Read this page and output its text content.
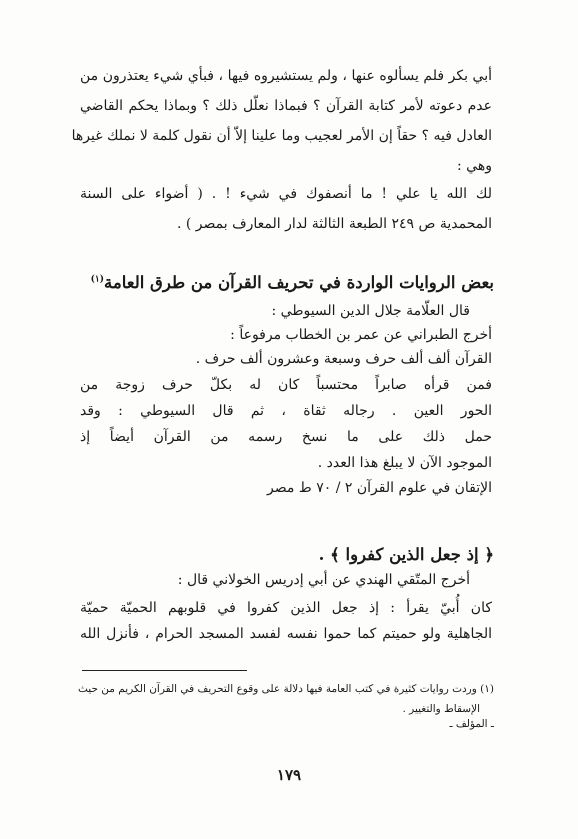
أبي بكر فلم يسألوه عنها ، ولم يستشيروه فيها ، فبأي شيء يعتذرون من
عدم دعوته لأمر كتابة القرآن ؟ فبماذا نعلّل ذلك ؟ وبماذا يحكم القاضي
العادل فيه ؟ حقاً إن الأمر لعجيب وما علينا إلاّ أن نقول كلمة لا نملك غيرها
وهي :
لك الله يا علي ! ما أنصفوك في شيء ! . ( أضواء على السنة
المحمدية ص ٢٤٩ الطبعة الثالثة لدار المعارف بمصر ) .
بعض الروايات الواردة في تحريف القرآن من طرق العامة$^{(١)}$
قال العلّامة جلال الدين السيوطي :
أخرج الطبراني عن عمر بن الخطاب مرفوعاً :
القرآن ألف ألف حرف وسبعة وعشرون ألف حرف .
فمن قرأه صابراً محتسباً كان له بكلّ حرف زوجة من
الحور العين . رجاله ثقاة ، ثم قال السيوطي : وقد
حمل ذلك على ما نسخ رسمه من القرآن أيضاً إذ
الموجود الآن لا يبلغ هذا العدد .
الإتقان في علوم القرآن ٢ / ٧٠ ط مصر
﴿ إذ جعل الذين كفروا ﴾ .
أخرج المتّقي الهندي عن أبي إدريس الخولاني قال :
كان أُبيّ يقرأ : إذ جعل الذين كفروا في قلوبهم الحميّة حميّة
الجاهلية ولو حميتم كما حموا نفسه لفسد المسجد الحرام ، فأنزل الله
(١) وردت روايات كثيرة في كتب العامة فيها دلالة على وقوع التحريف في القرآن الكريم من حيث
الإسقاط والتغيير .
ـ المؤلف ـ
١٧٩
